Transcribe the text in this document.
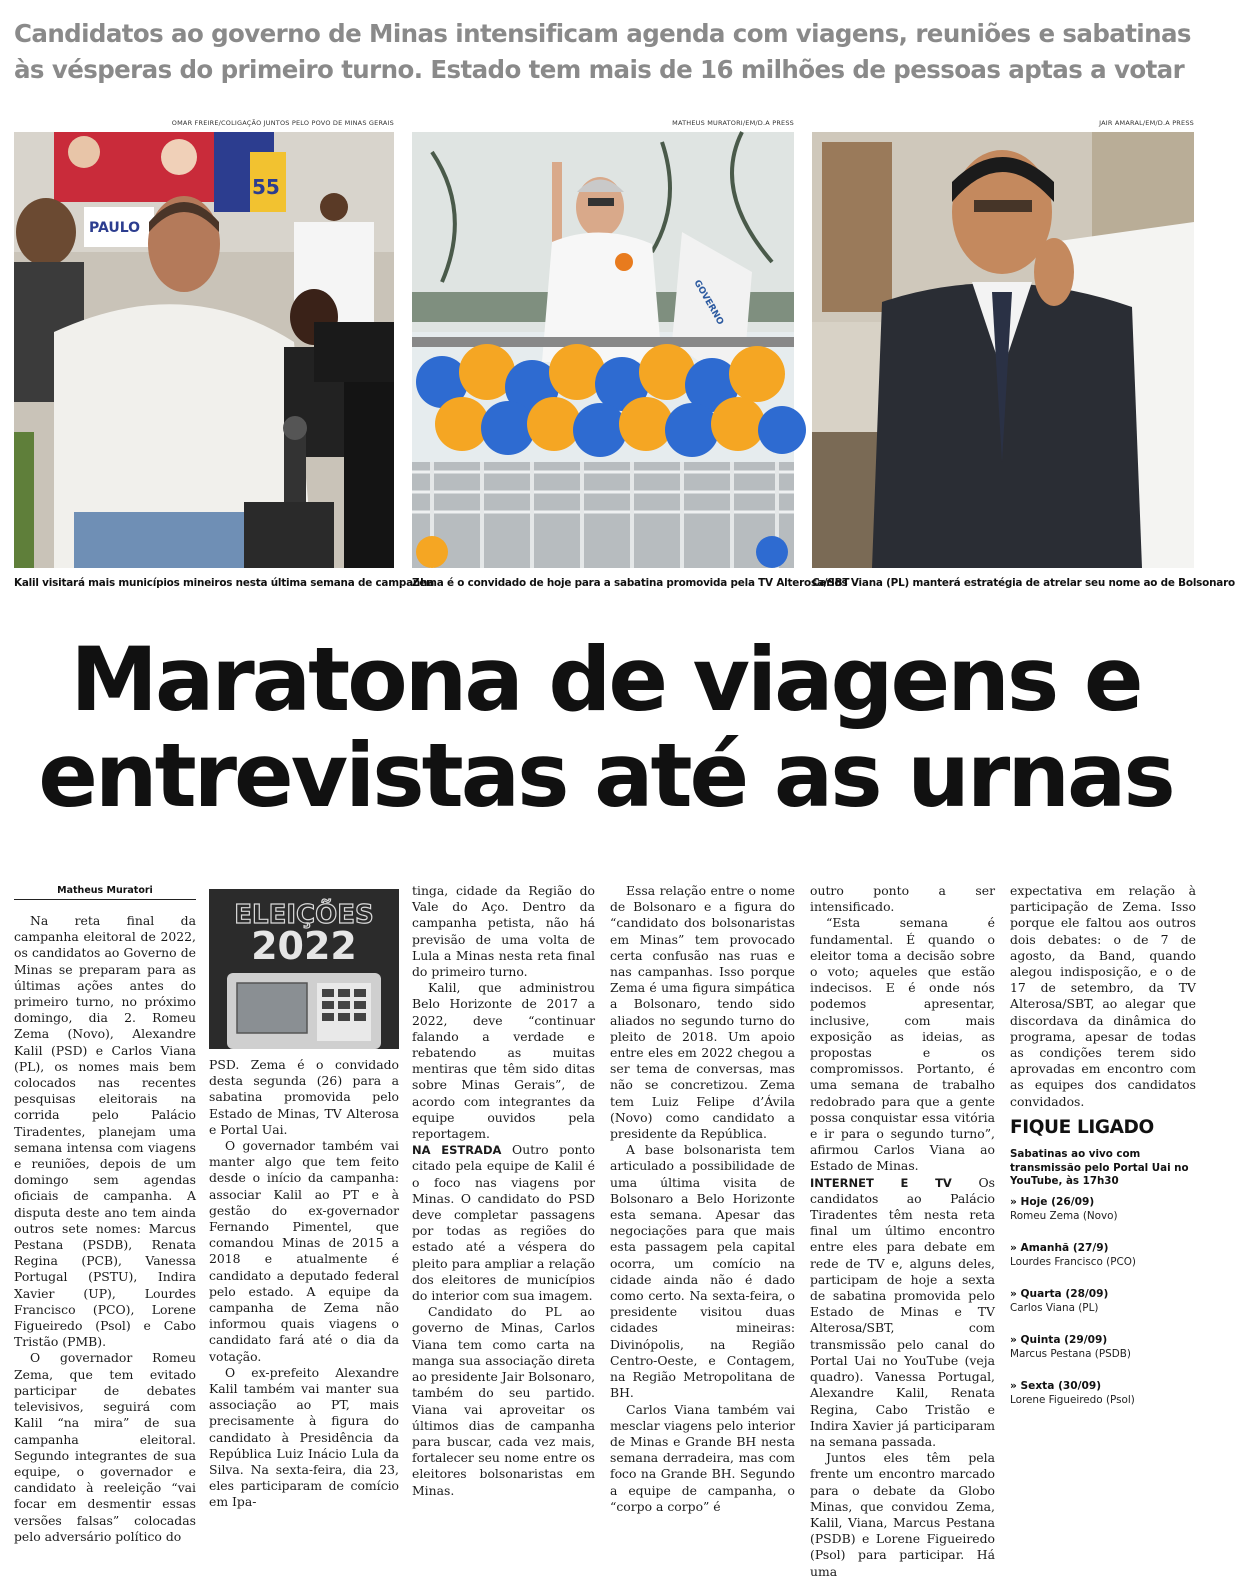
Candidatos ao governo de Minas intensificam agenda com viagens, reuniões e sabatinas às vésperas do primeiro turno. Estado tem mais de 16 milhões de pessoas aptas a votar
OMAR FREIRE/COLIGAÇÃO JUNTOS PELO POVO DE MINAS GERAIS	MATHEUS MURATORI/EM/D.A PRESS	JAIR AMARAL/EM/D.A PRESS
PAULO
55
GOVERNO
Kalil visitará mais municípios mineiros nesta última semana de campanha
Zema é o convidado de hoje para a sabatina promovida pela TV Alterosa/SBT
Carlos Viana (PL) manterá estratégia de atrelar seu nome ao de Bolsonaro
Maratona de viagens e
entrevistas até as urnas
Matheus Muratori

Na reta final da campanha eleitoral de 2022, os candidatos ao Governo de Minas se preparam para as últimas ações antes do primeiro turno, no próximo domingo, dia 2. Romeu Zema (Novo), Alexandre Kalil (PSD) e Carlos Viana (PL), os nomes mais bem colocados nas recentes pesquisas eleitorais na corrida pelo Palácio Tiradentes, planejam uma semana intensa com viagens e reuniões, depois de um domingo sem agendas oficiais de campanha. A disputa deste ano tem ainda outros sete nomes: Marcus Pestana (PSDB), Renata Regina (PCB), Vanessa Portugal (PSTU), Indira Xavier (UP), Lourdes Francisco (PCO), Lorene Figueiredo (Psol) e Cabo Tristão (PMB).

O governador Romeu Zema, que tem evitado participar de debates televisivos, seguirá com Kalil “na mira” de sua campanha eleitoral. Segundo integrantes de sua equipe, o governador e candidato à reeleição “vai focar em desmentir essas versões falsas” colocadas pelo adversário político do

ELEIÇÕES
2022

PSD. Zema é o convidado desta segunda (26) para a sabatina promovida pelo Estado de Minas, TV Alterosa e Portal Uai.

O governador também vai manter algo que tem feito desde o início da campanha: associar Kalil ao PT e à gestão do ex-governador Fernando Pimentel, que comandou Minas de 2015 a 2018 e atualmente é candidato a deputado federal pelo estado. A equipe da campanha de Zema não informou quais viagens o candidato fará até o dia da votação.

O ex-prefeito Alexandre Kalil também vai manter sua associação ao PT, mais precisamente à figura do candidato à Presidência da República Luiz Inácio Lula da Silva. Na sexta-feira, dia 23, eles participaram de comício em Ipa-

tinga, cidade da Região do Vale do Aço. Dentro da campanha petista, não há previsão de uma volta de Lula a Minas nesta reta final do primeiro turno.

Kalil, que administrou Belo Horizonte de 2017 a 2022, deve “continuar falando a verdade e rebatendo as muitas mentiras que têm sido ditas sobre Minas Gerais”, de acordo com integrantes da equipe ouvidos pela reportagem.

NA ESTRADA Outro ponto citado pela equipe de Kalil é o foco nas viagens por Minas. O candidato do PSD deve completar passagens por todas as regiões do estado até a véspera do pleito para ampliar a relação dos eleitores de municípios do interior com sua imagem.

Candidato do PL ao governo de Minas, Carlos Viana tem como carta na manga sua associação direta ao presidente Jair Bolsonaro, também do seu partido. Viana vai aproveitar os últimos dias de campanha para buscar, cada vez mais, fortalecer seu nome entre os eleitores bolsonaristas em Minas.

Essa relação entre o nome de Bolsonaro e a figura do “candidato dos bolsonaristas em Minas” tem provocado certa confusão nas ruas e nas campanhas. Isso porque Zema é uma figura simpática a Bolsonaro, tendo sido aliados no segundo turno do pleito de 2018. Um apoio entre eles em 2022 chegou a ser tema de conversas, mas não se concretizou. Zema tem Luiz Felipe d’Ávila (Novo) como candidato a presidente da República.

A base bolsonarista tem articulado a possibilidade de uma última visita de Bolsonaro a Belo Horizonte esta semana. Apesar das negociações para que mais esta passagem pela capital ocorra, um comício na cidade ainda não é dado como certo. Na sexta-feira, o presidente visitou duas cidades mineiras: Divinópolis, na Região Centro-Oeste, e Contagem, na Região Metropolitana de BH.

Carlos Viana também vai mesclar viagens pelo interior de Minas e Grande BH nesta semana derradeira, mas com foco na Grande BH. Segundo a equipe de campanha, o “corpo a corpo” é

outro ponto a ser intensificado.

“Esta semana é fundamental. É quando o eleitor toma a decisão sobre o voto; aqueles que estão indecisos. E é onde nós podemos apresentar, inclusive, com mais exposição as ideias, as propostas e os compromissos. Portanto, é uma semana de trabalho redobrado para que a gente possa conquistar essa vitória e ir para o segundo turno”, afirmou Carlos Viana ao Estado de Minas.

INTERNET E TV Os candidatos ao Palácio Tiradentes têm nesta reta final um último encontro entre eles para debate em rede de TV e, alguns deles, participam de hoje a sexta de sabatina promovida pelo Estado de Minas e TV Alterosa/SBT, com transmissão pelo canal do Portal Uai no YouTube (veja quadro). Vanessa Portugal, Alexandre Kalil, Renata Regina, Cabo Tristão e Indira Xavier já participaram na semana passada.

Juntos eles têm pela frente um encontro marcado para o debate da Globo Minas, que convidou Zema, Kalil, Viana, Marcus Pestana (PSDB) e Lorene Figueiredo (Psol) para participar. Há uma

expectativa em relação à participação de Zema. Isso porque ele faltou aos outros dois debates: o de 7 de agosto, da Band, quando alegou indisposição, e o de 17 de setembro, da TV Alterosa/SBT, ao alegar que discordava da dinâmica do programa, apesar de todas as condições terem sido aprovadas em encontro com as equipes dos candidatos convidados.

FIQUE LIGADO
Sabatinas ao vivo com transmissão pelo Portal Uai no YouTube, às 17h30
» Hoje (26/09)
Romeu Zema (Novo)
» Amanhã (27/9)
Lourdes Francisco (PCO)
» Quarta (28/09)
Carlos Viana (PL)
» Quinta (29/09)
Marcus Pestana (PSDB)
» Sexta (30/09)
Lorene Figueiredo (Psol)
